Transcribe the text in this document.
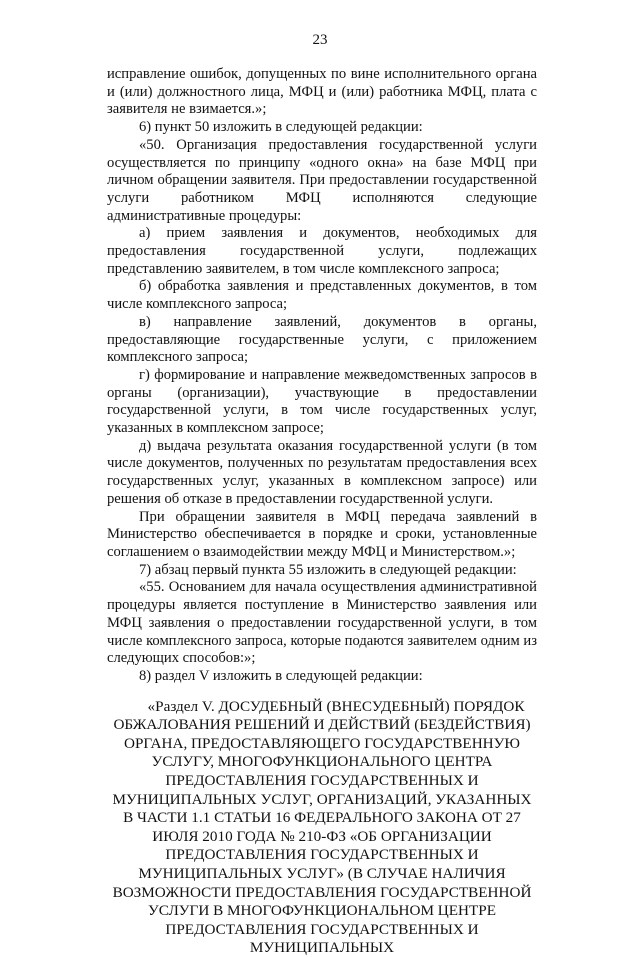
23

исправление ошибок, допущенных по вине исполнительного органа и (или) должностного лица, МФЦ и (или) работника МФЦ, плата с заявителя не взимается.»;

6) пункт 50 изложить в следующей редакции:

«50. Организация предоставления государственной услуги осуществляется по принципу «одного окна» на базе МФЦ при личном обращении заявителя. При предоставлении государственной услуги работником МФЦ исполняются следующие административные процедуры:

а) прием заявления и документов, необходимых для предоставления государственной услуги, подлежащих представлению заявителем, в том числе комплексного запроса;

б) обработка заявления и представленных документов, в том числе комплексного запроса;

в) направление заявлений, документов в органы, предоставляющие государственные услуги, с приложением комплексного запроса;

г) формирование и направление межведомственных запросов в органы (организации), участвующие в предоставлении государственной услуги, в том числе государственных услуг, указанных в комплексном запросе;

д) выдача результата оказания государственной услуги (в том числе документов, полученных по результатам предоставления всех государственных услуг, указанных в комплексном запросе) или решения об отказе в предоставлении государственной услуги.

При обращении заявителя в МФЦ передача заявлений в Министерство обеспечивается в порядке и сроки, установленные соглашением о взаимодействии между МФЦ и Министерством.»;

7) абзац первый пункта 55 изложить в следующей редакции:

«55. Основанием для начала осуществления административной процедуры является поступление в Министерство заявления или МФЦ заявления о предоставлении государственной услуги, в том числе комплексного запроса, которые подаются заявителем одним из следующих способов:»;

8) раздел V изложить в следующей редакции:

«Раздел V. ДОСУДЕБНЫЙ (ВНЕСУДЕБНЫЙ) ПОРЯДОК
ОБЖАЛОВАНИЯ РЕШЕНИЙ И ДЕЙСТВИЙ (БЕЗДЕЙСТВИЯ) ОРГАНА, ПРЕДОСТАВЛЯЮЩЕГО ГОСУДАРСТВЕННУЮ УСЛУГУ, МНОГОФУНКЦИОНАЛЬНОГО ЦЕНТРА ПРЕДОСТАВЛЕНИЯ ГОСУДАРСТВЕННЫХ И МУНИЦИПАЛЬНЫХ УСЛУГ, ОРГАНИЗАЦИЙ, УКАЗАННЫХ В ЧАСТИ 1.1 СТАТЬИ 16 ФЕДЕРАЛЬНОГО ЗАКОНА ОТ 27 ИЮЛЯ 2010 ГОДА № 210-ФЗ «ОБ ОРГАНИЗАЦИИ ПРЕДОСТАВЛЕНИЯ ГОСУДАРСТВЕННЫХ И МУНИЦИПАЛЬНЫХ УСЛУГ» (В СЛУЧАЕ НАЛИЧИЯ ВОЗМОЖНОСТИ ПРЕДОСТАВЛЕНИЯ ГОСУДАРСТВЕННОЙ УСЛУГИ В МНОГОФУНКЦИОНАЛЬНОМ ЦЕНТРЕ ПРЕДОСТАВЛЕНИЯ ГОСУДАРСТВЕННЫХ И МУНИЦИПАЛЬНЫХ
